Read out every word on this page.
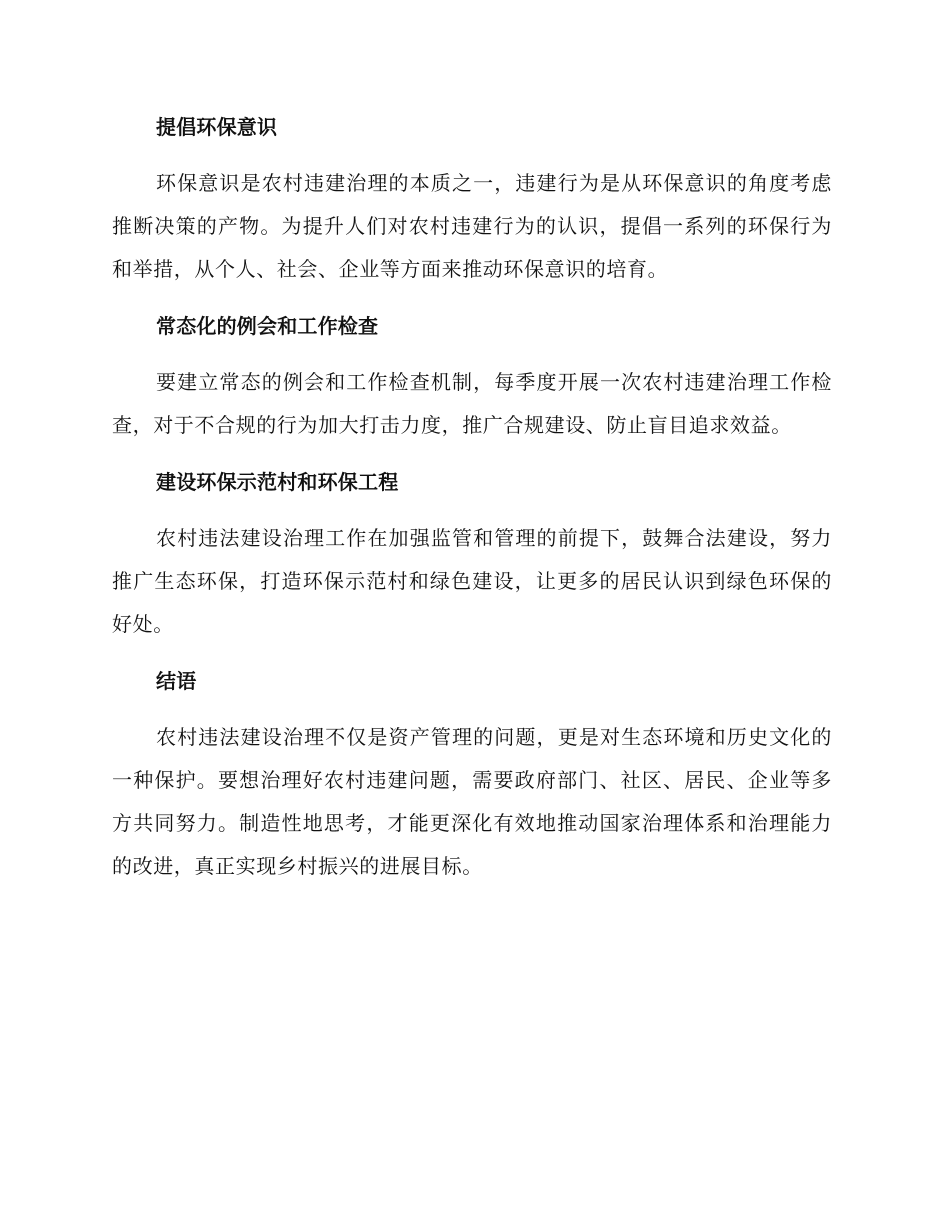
提倡环保意识

环保意识是农村违建治理的本质之一，违建行为是从环保意识的角度考虑推断决策的产物。为提升人们对农村违建行为的认识，提倡一系列的环保行为和举措，从个人、社会、企业等方面来推动环保意识的培育。

常态化的例会和工作检查

要建立常态的例会和工作检查机制，每季度开展一次农村违建治理工作检查，对于不合规的行为加大打击力度，推广合规建设、防止盲目追求效益。

建设环保示范村和环保工程

农村违法建设治理工作在加强监管和管理的前提下，鼓舞合法建设，努力推广生态环保，打造环保示范村和绿色建设，让更多的居民认识到绿色环保的好处。

结语

农村违法建设治理不仅是资产管理的问题，更是对生态环境和历史文化的一种保护。要想治理好农村违建问题，需要政府部门、社区、居民、企业等多方共同努力。制造性地思考，才能更深化有效地推动国家治理体系和治理能力的改进，真正实现乡村振兴的进展目标。
